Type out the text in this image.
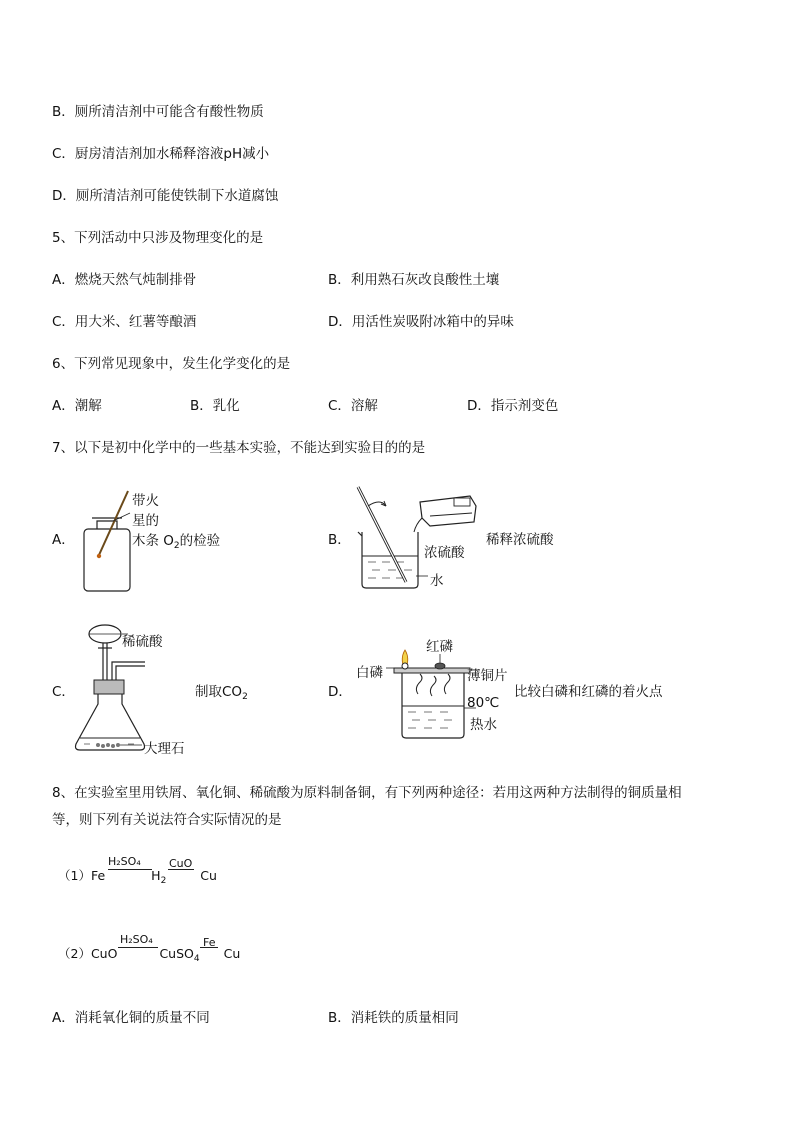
B．厕所清洁剂中可能含有酸性物质
C．厨房清洁剂加水稀释溶液pH减小
D．厕所清洁剂可能使铁制下水道腐蚀
5、下列活动中只涉及物理变化的是
A．燃烧天然气炖制排骨	B．利用熟石灰改良酸性土壤
C．用大米、红薯等酿酒	D．用活性炭吸附冰箱中的异味
6、下列常见现象中，发生化学变化的是
A．潮解	B．乳化	C．溶解	D．指示剂变色
7、以下是初中化学中的一些基本实验，不能达到实验目的的是
A．
带火
星的
木条 $O_2$的检验	B．
浓硫酸
水
稀释浓硫酸
C．
稀硫酸
大理石
制取$CO_2$	D．
红磷
白磷	薄铜片
80℃
热水
比较白磷和红磷的着火点
8、在实验室里用铁屑、氧化铜、稀硫酸为原料制备铜，有下列两种途径：若用这两种方法制得的铜质量相
等，则下列有关说法符合实际情况的是
（1）Fe	$H_2$	Cu
H₂SO₄	CuO
（2）CuO	CuSO$_4$ Cu
H₂SO₄	Fe
A．消耗氧化铜的质量不同	B．消耗铁的质量相同
